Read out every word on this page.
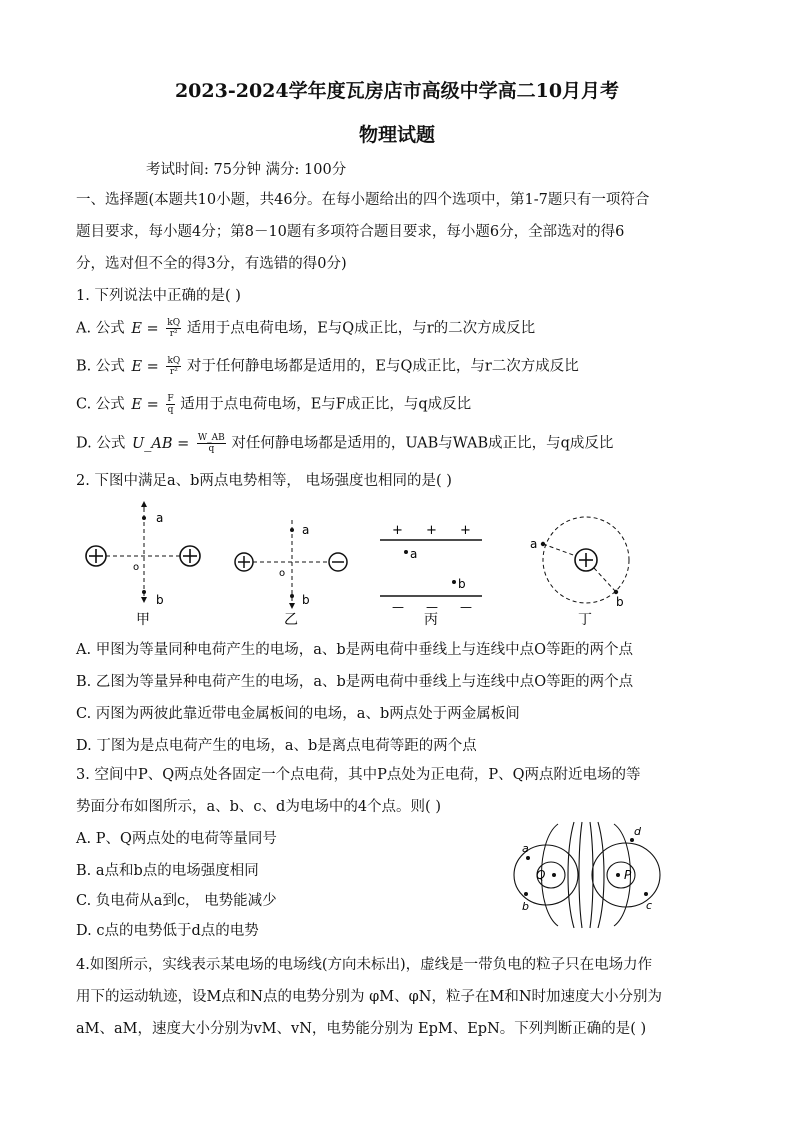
2023-2024学年度瓦房店市高级中学高二10月月考
物理试题
考试时间: 75分钟 满分: 100分
一、选择题(本题共10小题，共46分。在每小题给出的四个选项中，第1-7题只有一项符合
题目要求，每小题4分；第8－10题有多项符合题目要求，每小题6分，全部选对的得6
分，选对但不全的得3分，有选错的得0分)
1. 下列说法中正确的是( )
A. 公式 $E = \frac{kQ}{\text{r²}}$ 适用于点电荷电场，E与Q成正比，与r的二次方成反比
B. 公式 $E = \frac{kQ}{\text{r²}}$ 对于任何静电场都是适用的，E与Q成正比，与r二次方成反比
C. 公式 $E = \frac{F}{q}$ 适用于点电荷电场，E与F成正比，与q成反比
D. 公式 U_AB = $\frac{W\_AB}{q}$ 对任何静电场都是适用的，UAB与WAB成正比，与q成反比
2. 下图中满足a、b两点电势相等， 电场强度也相同的是( )
a
b
o
甲
a
b
o
乙
+ + +
a
b
— — —
丙
a
b
丁
A. 甲图为等量同种电荷产生的电场，a、b是两电荷中垂线上与连线中点O等距的两个点
B. 乙图为等量异种电荷产生的电场，a、b是两电荷中垂线上与连线中点O等距的两个点
C. 丙图为两彼此靠近带电金属板间的电场，a、b两点处于两金属板间
D. 丁图为是点电荷产生的电场，a、b是离点电荷等距的两个点
3. 空间中P、Q两点处各固定一个点电荷，其中P点处为正电荷，P、Q两点附近电场的等
势面分布如图所示，a、b、c、d为电场中的4个点。则( )
A. P、Q两点处的电荷等量同号
B. a点和b点的电场强度相同
C. 负电荷从a到c， 电势能减少
D. c点的电势低于d点的电势
Q	P
a
b	c
d
4.如图所示，实线表示某电场的电场线(方向未标出)，虚线是一带负电的粒子只在电场力作
用下的运动轨迹，设M点和N点的电势分别为 φM、φN，粒子在M和N时加速度大小分别为
aM、aM，速度大小分别为vM、vN，电势能分别为 EpM、EpN。下列判断正确的是( )
